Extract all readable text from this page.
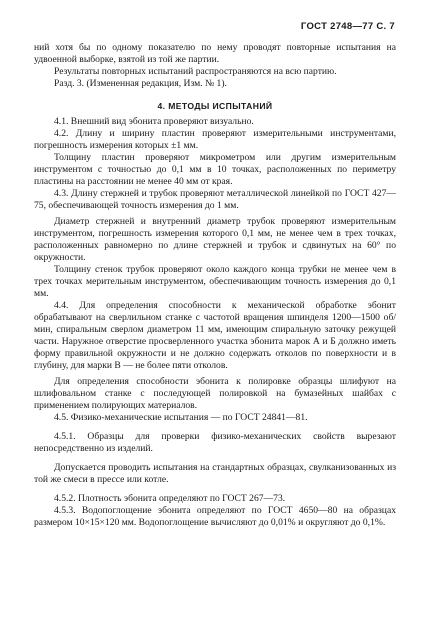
ГОСТ 2748—77 С. 7

ний хотя бы по одному показателю по нему проводят повторные испытания на удвоенной выборке, взятой из той же партии.

Результаты повторных испытаний распространяются на всю партию.

Разд. 3. (Измененная редакция, Изм. № 1).

4. МЕТОДЫ ИСПЫТАНИЙ

4.1. Внешний вид эбонита проверяют визуально.

4.2. Длину и ширину пластин проверяют измерительными инструментами, погрешность измерения которых ±1 мм.

Толщину пластин проверяют микрометром или другим измерительным инструментом с точностью до 0,1 мм в 10 точках, расположенных по периметру пластины на расстоянии не менее 40 мм от края.

4.3. Длину стержней и трубок проверяют металлической линейкой по ГОСТ 427—75, обеспечивающей точность измерения до 1 мм.

Диаметр стержней и внутренний диаметр трубок проверяют измерительным инструментом, погрешность измерения которого 0,1 мм, не менее чем в трех точках, расположенных равномерно по длине стержней и трубок и сдвинутых на 60° по окружности.

Толщину стенок трубок проверяют около каждого конца трубки не менее чем в трех точках мерительным инструментом, обеспечивающим точность измерения до 0,1 мм.

4.4. Для определения способности к механической обработке эбонит обрабатывают на сверлильном станке с частотой вращения шпинделя 1200—1500 об/мин, спиральным сверлом диаметром 11 мм, имеющим спиральную заточку режущей части. Наружное отверстие просверленного участка эбонита марок А и Б должно иметь форму правильной окружности и не должно содержать отколов по поверхности и в глубину, для марки В — не более пяти отколов.

Для определения способности эбонита к полировке образцы шлифуют на шлифовальном станке с последующей полировкой на бумазейных шайбах с применением полирующих материалов.

4.5. Физико-механические испытания — по ГОСТ 24841—81.

4.5.1. Образцы для проверки физико-механических свойств вырезают непосредственно из изделий.

Допускается проводить испытания на стандартных образцах, свулканизованных из той же смеси в прессе или котле.

4.5.2. Плотность эбонита определяют по ГОСТ 267—73.

4.5.3. Водопоглощение эбонита определяют по ГОСТ 4650—80 на образцах размером 10×15×120 мм. Водопоглощение вычисляют до 0,01% и округляют до 0,1%.
